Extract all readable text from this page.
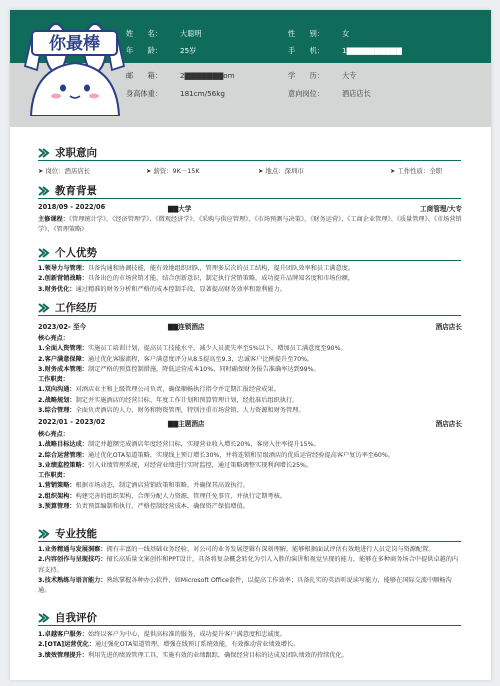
姓　　名：	大聪明	性　　别：	女
年　　龄：	25岁	手　　机：	1▇▇▇▇▇▇▇▇▇▇
邮　　箱：	2▇▇▇▇▇▇▇om	学　　历：	大专
身高体重：	181cm/56kg	意向岗位：	酒店店长
你最棒
求职意向
➤ 岗位：酒店店长	➤ 薪资：9K－15K	➤ 地点：深圳市	➤ 工作性质：全职
教育背景
2018/09 - 2022/06	▇▇大学	工商管理/大专
主修课程：《管理统计学》、《经济管理学》、《微观经济学》、《采购与供应管理》、《市场预测与决策》、《财务运营》、《工商企业管理》、《质量管理》、《市场营销学》、《管理策略》
个人优势
1.领导力与管理：具备沟通和协调技能，能有效地组织团队，管理多层次的员工结构，提升团队效率和员工满意度。
2.创新营销战略：具备出色的市场营销才能，结合创新意识，制定执行营销策略，成功提升品牌知名度和市场份额。
3.财务优化：通过精准的财务分析和严格的成本控制手段，显著提高财务效率和盈利能力。
工作经历
2023/02- 至今	▇▇连锁酒店	酒店店长
核心亮点：
1.全面人资管理：实施员工培训计划，提高员工技能水平，减少人员流失率至5%以下，增加员工满意度至90%。
2.客户满意保障：通过优化客服流程，客户满意度评分从8.5提高至9.3，忠诚客户比例提升至70%。
3.财务成本管理：制定严格的预算控制措施，降低运营成本10%，同时确保财务报告准确率达到99%。
工作职责：
1.双向沟通：对酒店业主和上级管理公司负责，确保顺畅执行指令并定期汇报经营成果。
2.战略规划：制定并实施酒店的经营目标、年度工作计划和预算管理计划，经批准后组织执行。
3.综合管理：全面负责酒店的人力、财务和物资管理，特别注重市场营销、人力资源和财务管理。
2022/01 - 2023/02	▇▇主题酒店	酒店店长
核心亮点：
1.战略目标达成：制定并超额完成酒店年度经营目标，实现营业收入增长20%，客房入住率提升15%。
2.综合运营管理：通过优化OTA渠道策略，实现线上预订增长30%，并将连锁和星级酒店的优质运营经验提高客户复访率至60%。
3.业绩监控策略：引入业绩管理系统，对经营业绩进行实时监控，通过策略调整实现利润增长25%。
工作职责：
1.营销策略：根据市场动态，制定酒店营销政策和策略，并确保其高效执行。
2.组织架构：构建完善的组织架构，合理分配人力资源，管理任免事宜，并执行定期考核。
3.预算管理：负责预算编制和执行，严格控制经营成本，确保资产保值增值。
专业技能
1.业务精通与发展洞察：拥有丰富的一线基础业务经验，对公司的业务发展逻辑有深刻理解，能够根据面试评估有效地进行人员定岗与资源配置。
2.内容创作与呈现技巧：擅长高质量文案创作和PPT设计，具备将复杂概念转化为引人入胜的演讲和视觉呈现的能力，能够在多种商务场合中提供卓越的内容支持。
3.技术熟练与语言能力：熟练掌握各种办公软件，如Microsoft Office套件，以提高工作效率；具备扎实的英语听说读写能力，能够在国际交流中顺畅沟通。
自我评价
1.卓越客户服务：始终以客户为中心，提供高标准的服务，成功提升客户满意度和忠诚度。
2.[OTA]运营优化：通过强化OTA渠道管理，增强在线预订系统效能，有效推动营业绩效增长。
3.绩效管理提升：利用先进的绩效管理工具，实施有效的业绩跟踪，确保经营目标的达成及团队绩效的持续优化。
